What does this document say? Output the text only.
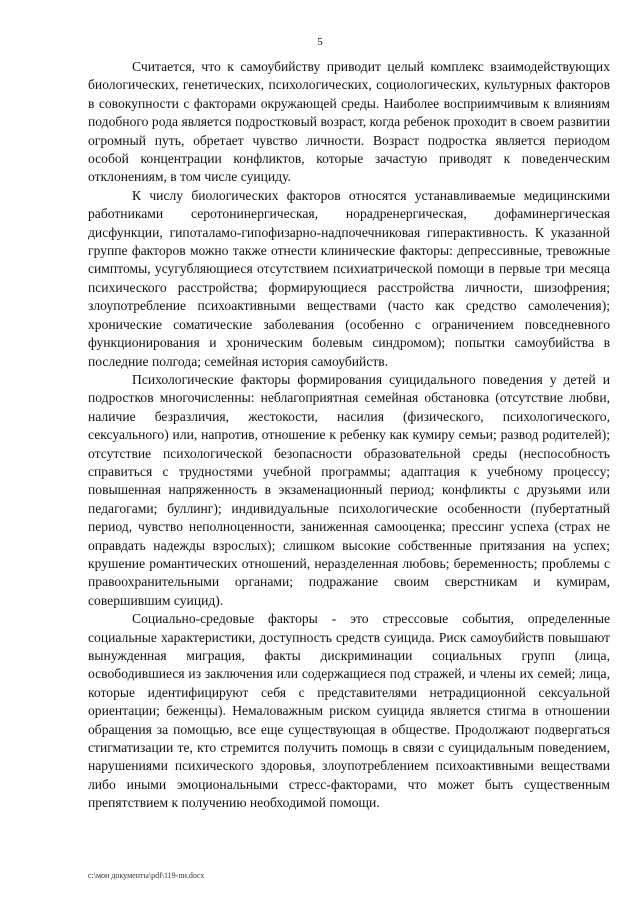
5

Считается, что к самоубийству приводит целый комплекс взаимодействующих биологических, генетических, психологических, социологических, культурных факторов в совокупности с факторами окружающей среды. Наиболее восприимчивым к влияниям подобного рода является подростковый возраст, когда ребенок проходит в своем развитии огромный путь, обретает чувство личности. Возраст подростка является периодом особой концентрации конфликтов, которые зачастую приводят к поведенческим отклонениям, в том числе суициду.

К числу биологических факторов относятся устанавливаемые медицинскими работниками серотонинергическая, норадренергическая, дофаминергическая дисфункции, гипоталамо-гипофизарно-надпочечниковая гиперактивность. К указанной группе факторов можно также отнести клинические факторы: депрессивные, тревожные симптомы, усугубляющиеся отсутствием психиатрической помощи в первые три месяца психического расстройства; формирующиеся расстройства личности, шизофрения; злоупотребление психоактивными веществами (часто как средство самолечения); хронические соматические заболевания (особенно с ограничением повседневного функционирования и хроническим болевым синдромом); попытки самоубийства в последние полгода; семейная история самоубийств.

Психологические факторы формирования суицидального поведения у детей и подростков многочисленны: неблагоприятная семейная обстановка (отсутствие любви, наличие безразличия, жестокости, насилия (физического, психологического, сексуального) или, напротив, отношение к ребенку как кумиру семьи; развод родителей); отсутствие психологической безопасности образовательной среды (неспособность справиться с трудностями учебной программы; адаптация к учебному процессу; повышенная напряженность в экзаменационный период; конфликты с друзьями или педагогами; буллинг); индивидуальные психологические особенности (пубертатный период, чувство неполноценности, заниженная самооценка; прессинг успеха (страх не оправдать надежды взрослых); слишком высокие собственные притязания на успех; крушение романтических отношений, неразделенная любовь; беременность; проблемы с правоохранительными органами; подражание своим сверстникам и кумирам, совершившим суицид).

Социально-средовые факторы - это стрессовые события, определенные социальные характеристики, доступность средств суицида. Риск самоубийств повышают вынужденная миграция, факты дискриминации социальных групп (лица, освободившиеся из заключения или содержащиеся под стражей, и члены их семей; лица, которые идентифицируют себя с представителями нетрадиционной сексуальной ориентации; беженцы). Немаловажным риском суицида является стигма в отношении обращения за помощью, все еще существующая в обществе. Продолжают подвергаться стигматизации те, кто стремится получить помощь в связи с суицидальным поведением, нарушениями психического здоровья, злоупотреблением психоактивными веществами либо иными эмоциональными стресс-факторами, что может быть существенным препятствием к получению необходимой помощи.

с:\мои документы\pdf\119-пи.docx
